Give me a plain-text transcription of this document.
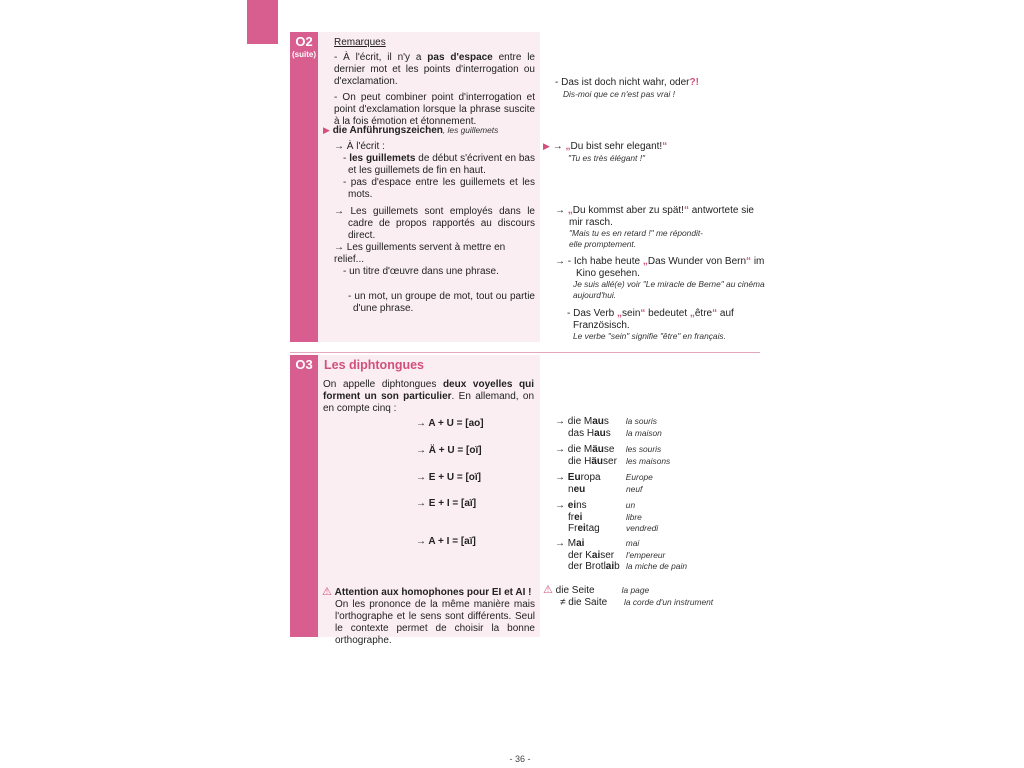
O2
(suite)

Remarques

- À l'écrit, il n'y a pas d'espace entre le dernier mot et les points d'interrogation ou d'exclamation.

- On peut combiner point d'interrogation et point d'exclamation lorsque la phrase suscite à la fois émotion et étonnement.

▶ die Anführungszeichen, les guillemets

→ À l'écrit :

- les guillemets de début s'écrivent en bas et les guillemets de fin en haut.

- pas d'espace entre les guillemets et les mots.

→ Les guillemets sont employés dans le cadre de propos rapportés au discours direct.

→ Les guillements servent à mettre en relief...

- un titre d'œuvre dans une phrase.

- un mot, un groupe de mot, tout ou partie d'une phrase.

- Das ist doch nicht wahr, oder?!

Dis-moi que ce n'est pas vrai !

▶ → „Du bist sehr elegant!“

"Tu es très élégant !"

→ „Du kommst aber zu spät!“ antwortete sie mir rasch.

"Mais tu es en retard !" me répondit-elle promptement.

→ - Ich habe heute „Das Wunder von Bern“ im Kino gesehen.

Je suis allé(e) voir "Le miracle de Berne" au cinéma aujourd'hui.

- Das Verb „sein“ bedeutet „être“ auf Französisch.

Le verbe "sein" signifie "être" en français.

O3 Les diphtongues

On appelle diphtongues deux voyelles qui forment un son particulier. En allemand, on en compte cinq :

→ A + U = [ao]
→ Ä + U = [oï]
→ E + U = [oï]
→ E + I = [aï]
→ A + I = [aï]

⚠ Attention aux homophones pour EI et AI !

On les prononce de la même manière mais l'orthographe et le sens sont différents. Seul le contexte permet de choisir la bonne orthographe.

→ die Maus la souris

das Haus la maison

→ die Mäuse les souris

die Häuser les maisons

→ Europa	Europe

neu	neuf

→ eins	un

frei	libre

Freitag	vendredi

→ Mai	mai

der Kaiser l'empereur

der Brotlaib la miche de pain

⚠ die Seite	la page

≠ die Saite la corde d'un instrument

- 36 -
